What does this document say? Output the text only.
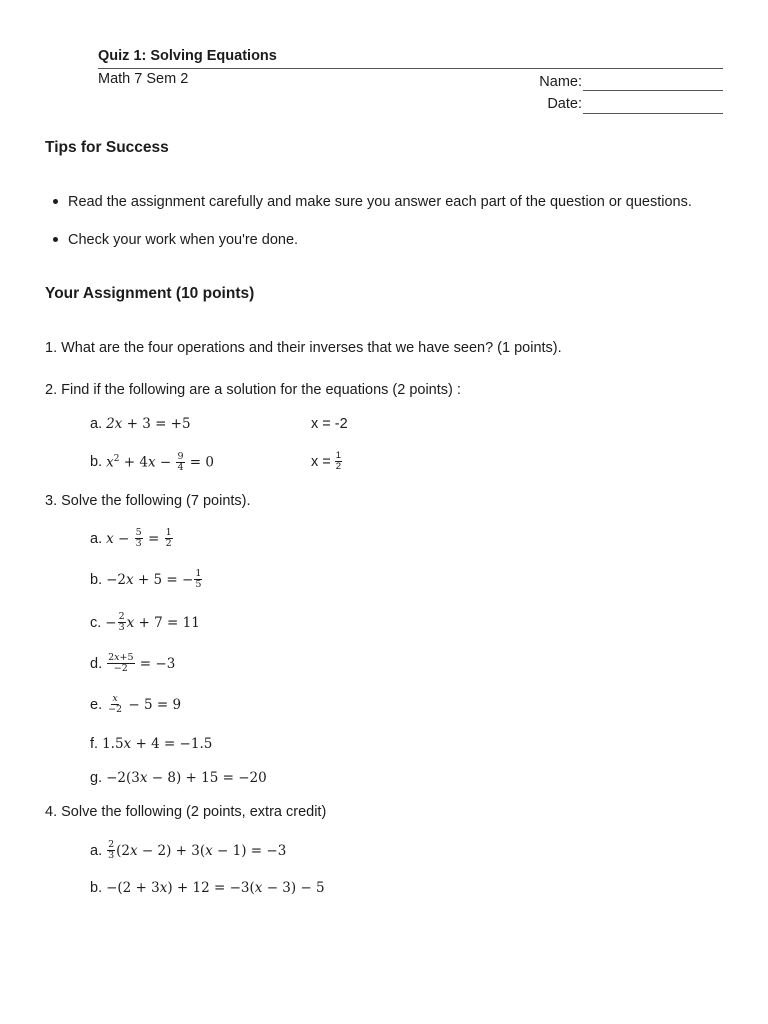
Quiz 1: Solving Equations
Math 7 Sem 2	Name:
Date:
Tips for Success
Read the assignment carefully and make sure you answer each part of the question or questions.
Check your work when you're done.
Your Assignment (10 points)
1. What are the four operations and their inverses that we have seen? (1 points).
2. Find if the following are a solution for the equations (2 points) :
a. 2x + 3 = +5	x = -2
b. $x^2 + 4x - \frac{9}{4} = 0$	$x = \frac{1}{2}$
3. Solve the following (7 points).
a. $x - \frac{5}{3} = \frac{1}{2}$
b. −2x + 5 = − $\frac{1}{5}$
c. − $\frac{2}{3}$ x + 7 = 11
d. $\frac{2x+5}{-2} = -3$
e. $\frac{x}{-2} - 5 = 9$
f. 1.5x + 4 = −1.5
g. −2(3x − 8) + 15 = −20
4. Solve the following (2 points, extra credit)
a. $\frac{2}{3} (2x - 2) + 3(x - 1) = -3$
b. −(2 + 3x) + 12 = −3(x − 3) − 5
